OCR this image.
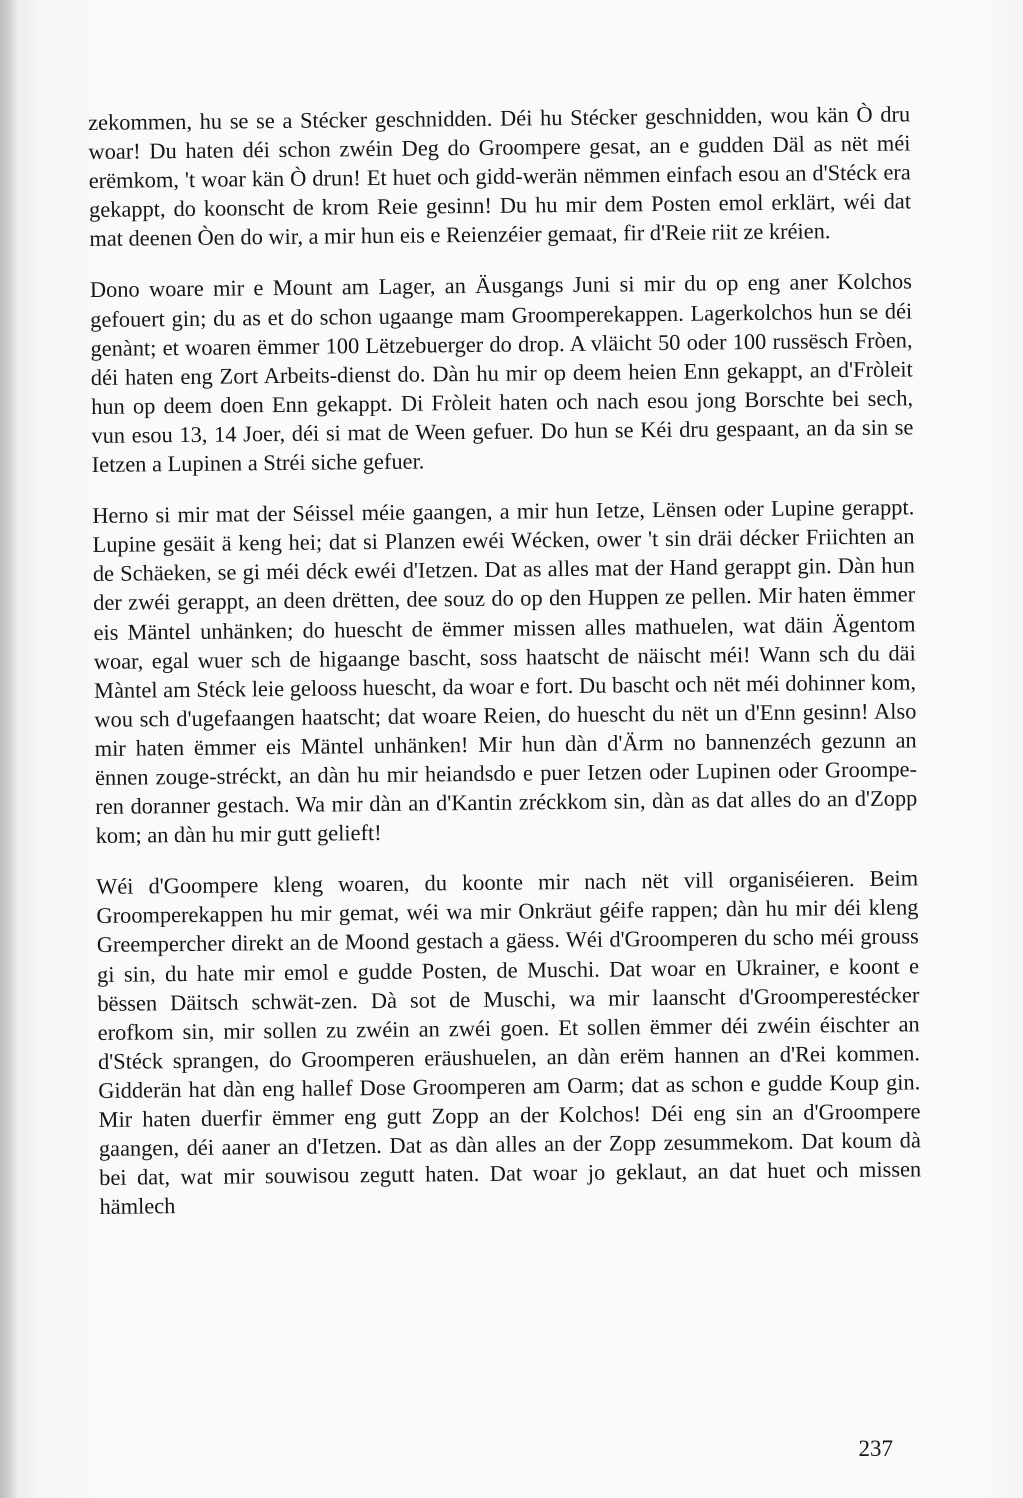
zekommen, hu se se a Stécker geschnidden. Déi hu Stécker geschnidden, wou kän Ò dru woar! Du haten déi schon zwéin Deg do Groompere gesat, an e gudden Däl as nët méi erëmkom, 't woar kän Ò drun! Et huet och gidd-werän nëmmen einfach esou an d'Stéck era gekappt, do koonscht de krom Reie gesinn! Du hu mir dem Posten emol erklärt, wéi dat mat deenen Òen do wir, a mir hun eis e Reienzéier gemaat, fir d'Reie riit ze kréien.

Dono woare mir e Mount am Lager, an Äusgangs Juni si mir du op eng aner Kolchos gefouert gin; du as et do schon ugaange mam Groomperekappen. Lagerkolchos hun se déi genànt; et woaren ëmmer 100 Lëtzebuerger do drop. A vläicht 50 oder 100 russësch Fròen, déi haten eng Zort Arbeits-dienst do. Dàn hu mir op deem heien Enn gekappt, an d'Fròleit hun op deem doen Enn gekappt. Di Fròleit haten och nach esou jong Borschte bei sech, vun esou 13, 14 Joer, déi si mat de Ween gefuer. Do hun se Kéi dru gespaant, an da sin se Ietzen a Lupinen a Stréi siche gefuer.

Herno si mir mat der Séissel méie gaangen, a mir hun Ietze, Lënsen oder Lupine gerappt. Lupine gesäit ä keng hei; dat si Planzen ewéi Wécken, ower 't sin dräi décker Friichten an de Schäeken, se gi méi déck ewéi d'Ietzen. Dat as alles mat der Hand gerappt gin. Dàn hun der zwéi gerappt, an deen drëtten, dee souz do op den Huppen ze pellen. Mir haten ëmmer eis Mäntel unhänken; do huescht de ëmmer missen alles mathuelen, wat däin Ägentom woar, egal wuer sch de higaange bascht, soss haatscht de näischt méi! Wann sch du däi Màntel am Stéck leie gelooss huescht, da woar e fort. Du bascht och nët méi dohinner kom, wou sch d'ugefaangen haatscht; dat woare Reien, do huescht du nët un d'Enn gesinn! Also mir haten ëmmer eis Mäntel unhänken! Mir hun dàn d'Ärm no bannenzéch gezunn an ënnen zouge-stréckt, an dàn hu mir heiandsdo e puer Ietzen oder Lupinen oder Groompe-ren doranner gestach. Wa mir dàn an d'Kantin zréckkom sin, dàn as dat alles do an d'Zopp kom; an dàn hu mir gutt gelieft!

Wéi d'Goompere kleng woaren, du koonte mir nach nët vill organiséieren. Beim Groomperekappen hu mir gemat, wéi wa mir Onkräut géife rappen; dàn hu mir déi kleng Greempercher direkt an de Moond gestach a gäess. Wéi d'Groomperen du scho méi grouss gi sin, du hate mir emol e gudde Posten, de Muschi. Dat woar en Ukrainer, e koont e bëssen Däitsch schwät-zen. Dà sot de Muschi, wa mir laanscht d'Groomperestécker erofkom sin, mir sollen zu zwéin an zwéi goen. Et sollen ëmmer déi zwéin éischter an d'Stéck sprangen, do Groomperen eräushuelen, an dàn erëm hannen an d'Rei kommen. Gidderän hat dàn eng hallef Dose Groomperen am Oarm; dat as schon e gudde Koup gin. Mir haten duerfir ëmmer eng gutt Zopp an der Kolchos! Déi eng sin an d'Groompere gaangen, déi aaner an d'Ietzen. Dat as dàn alles an der Zopp zesummekom. Dat koum dà bei dat, wat mir souwisou zegutt haten. Dat woar jo geklaut, an dat huet och missen hämlech

237
